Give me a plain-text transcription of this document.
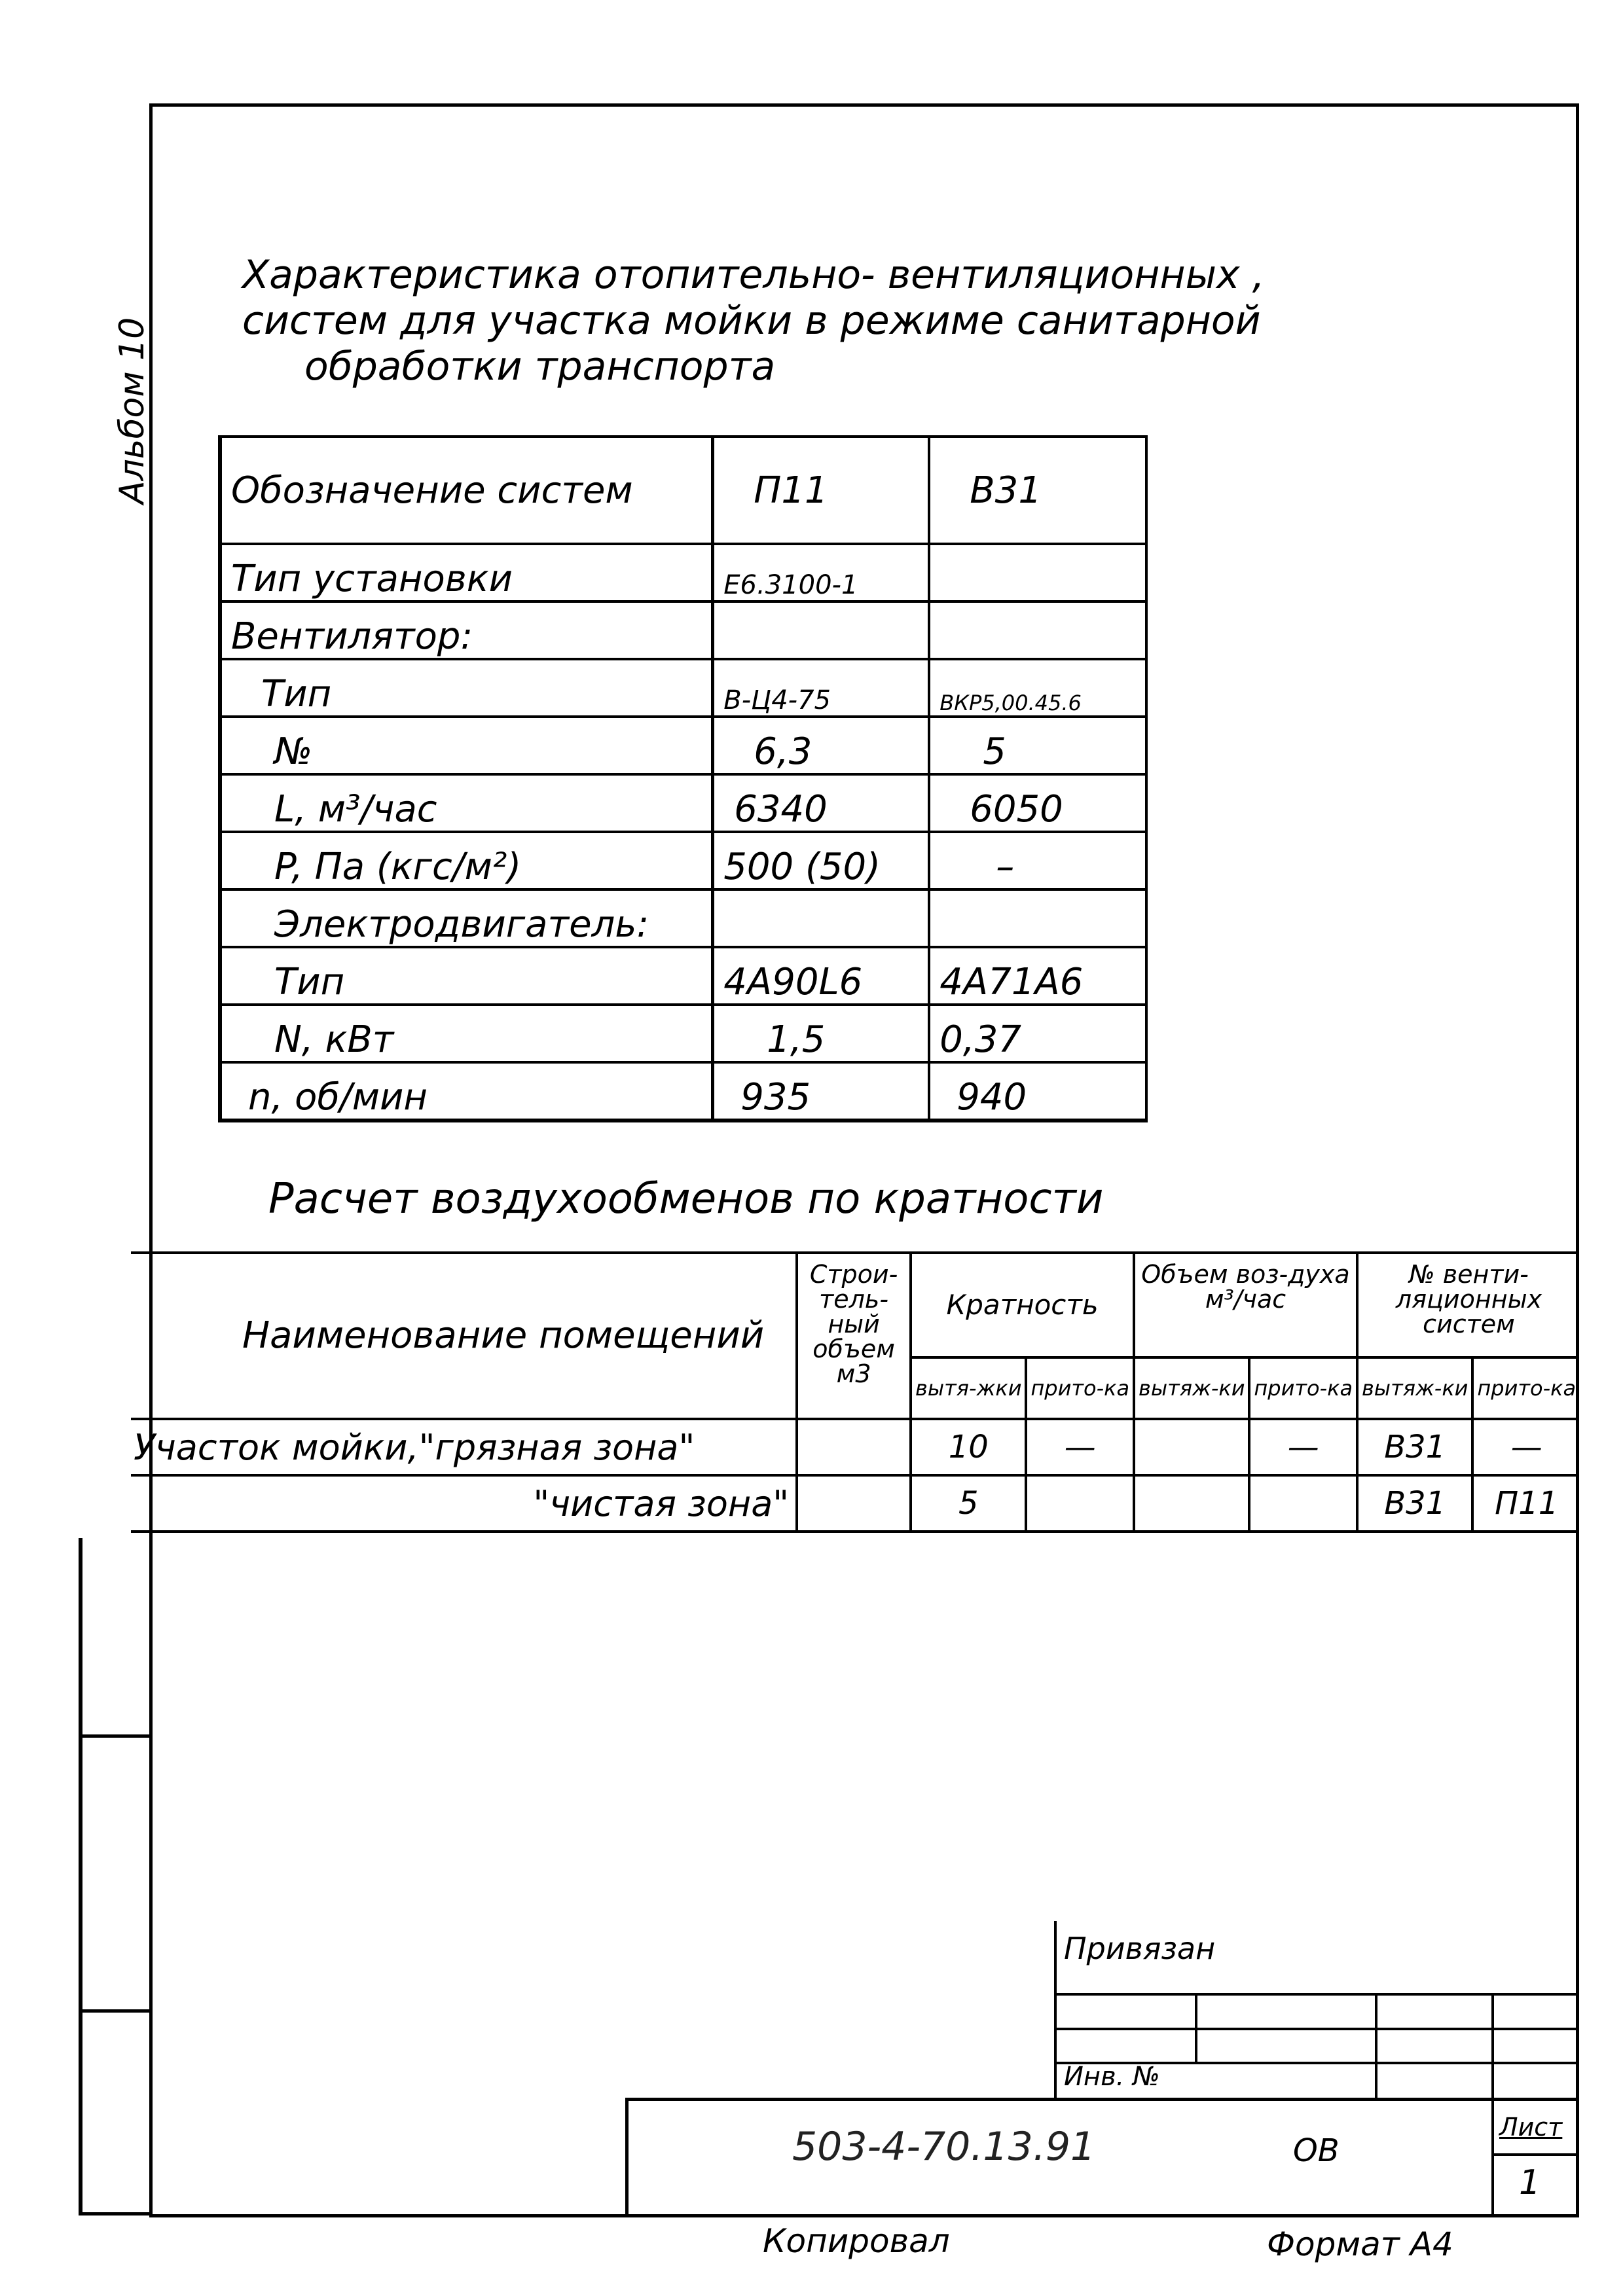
Альбом 10
Характеристика отопительно- вентиляционных ,
систем для участка мойки в режиме санитарной
обработки транспорта
Обозначение систем	П11	В31
Тип установки	Е6.3100-1	
Вентилятор:		
Тип	В-Ц4-75	ВКР5,00.45.6
№	6,3	5
L, м³/час	6340	6050
P, Па (кгс/м²)	500 (50)	–
Электродвигатель:		
Тип	4А90L6	4А71А6
N, кВт	1,5	0,37
n, об/мин	935	940
Расчет воздухообменов по кратности
Наименование помещений	Строи-тель-ный объем м3	Кратность		Объем воз-духа м³/час		№ венти-ляционных систем	
		вытя-жки	прито-ка	вытяж-ки	прито-ка	вытяж-ки	прито-ка
Участок мойки,"грязная зона"		10	—		—	В31	—
"чистая зона"		5				В31	П11
Привязан
Инв. №
503-4-70.13.91	ОВ
Лист
1
Копировал	Формат А4
